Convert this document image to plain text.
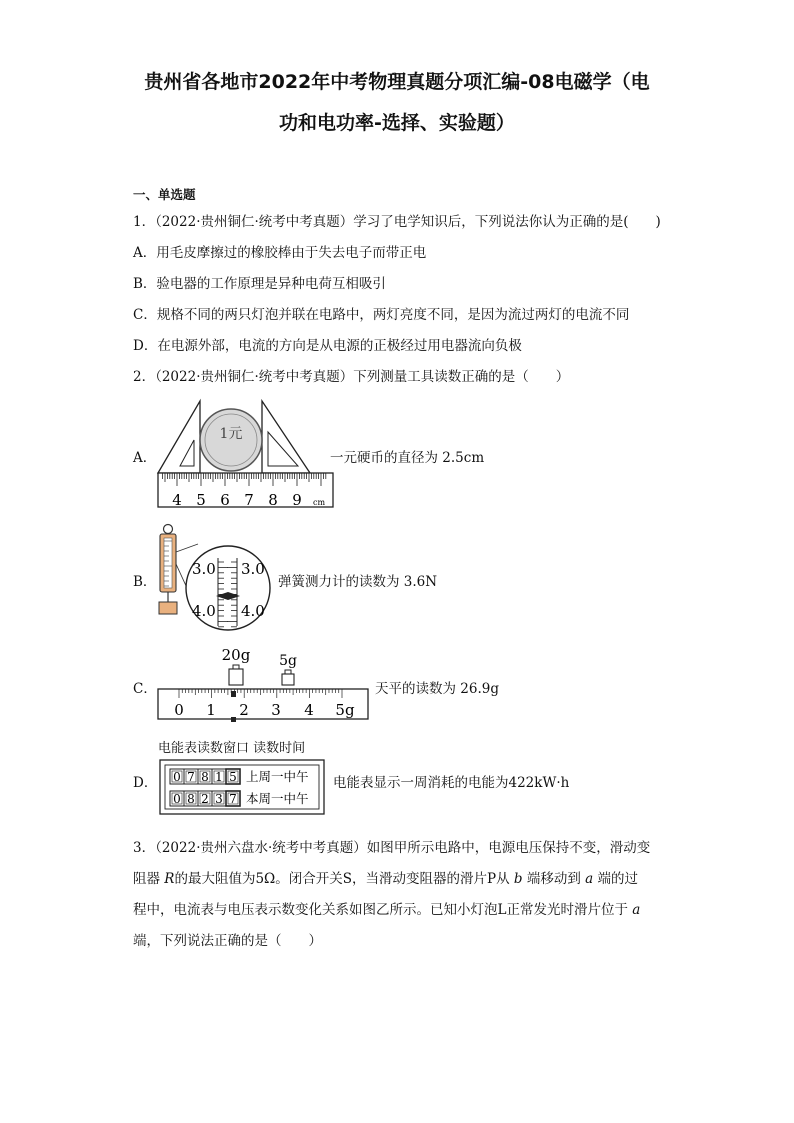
贵州省各地市2022年中考物理真题分项汇编-08电磁学（电
功和电功率-选择、实验题）
一、单选题
1．（2022·贵州铜仁·统考中考真题）学习了电学知识后，下列说法你认为正确的是(　　)
A．用毛皮摩擦过的橡胶棒由于失去电子而带正电
B．验电器的工作原理是异种电荷互相吸引
C．规格不同的两只灯泡并联在电路中，两灯亮度不同，是因为流过两灯的电流不同
D．在电源外部，电流的方向是从电源的正极经过用电器流向负极
2．（2022·贵州铜仁·统考中考真题）下列测量工具读数正确的是（　　）
A．
1元
4 5 6 7 8 9 cm
一元硬币的直径为 2.5cm
B．
3.0 3.0
4.0 4.0
弹簧测力计的读数为 3.6N
C．
20g 5g
0 1 2 3 4 5g
天平的读数为 26.9g
电能表读数窗口 读数时间
D． 0 7 8 1 5
0 8 2 3 7
上周一中午
本周一中午
电能表显示一周消耗的电能为422kW·h
3．（2022·贵州六盘水·统考中考真题）如图甲所示电路中，电源电压保持不变，滑动变
阻器 R的最大阻值为5Ω。闭合开关S，当滑动变阻器的滑片P从 b 端移动到 a 端的过
程中，电流表与电压表示数变化关系如图乙所示。已知小灯泡L正常发光时滑片位于 a
端，下列说法正确的是（　　）
